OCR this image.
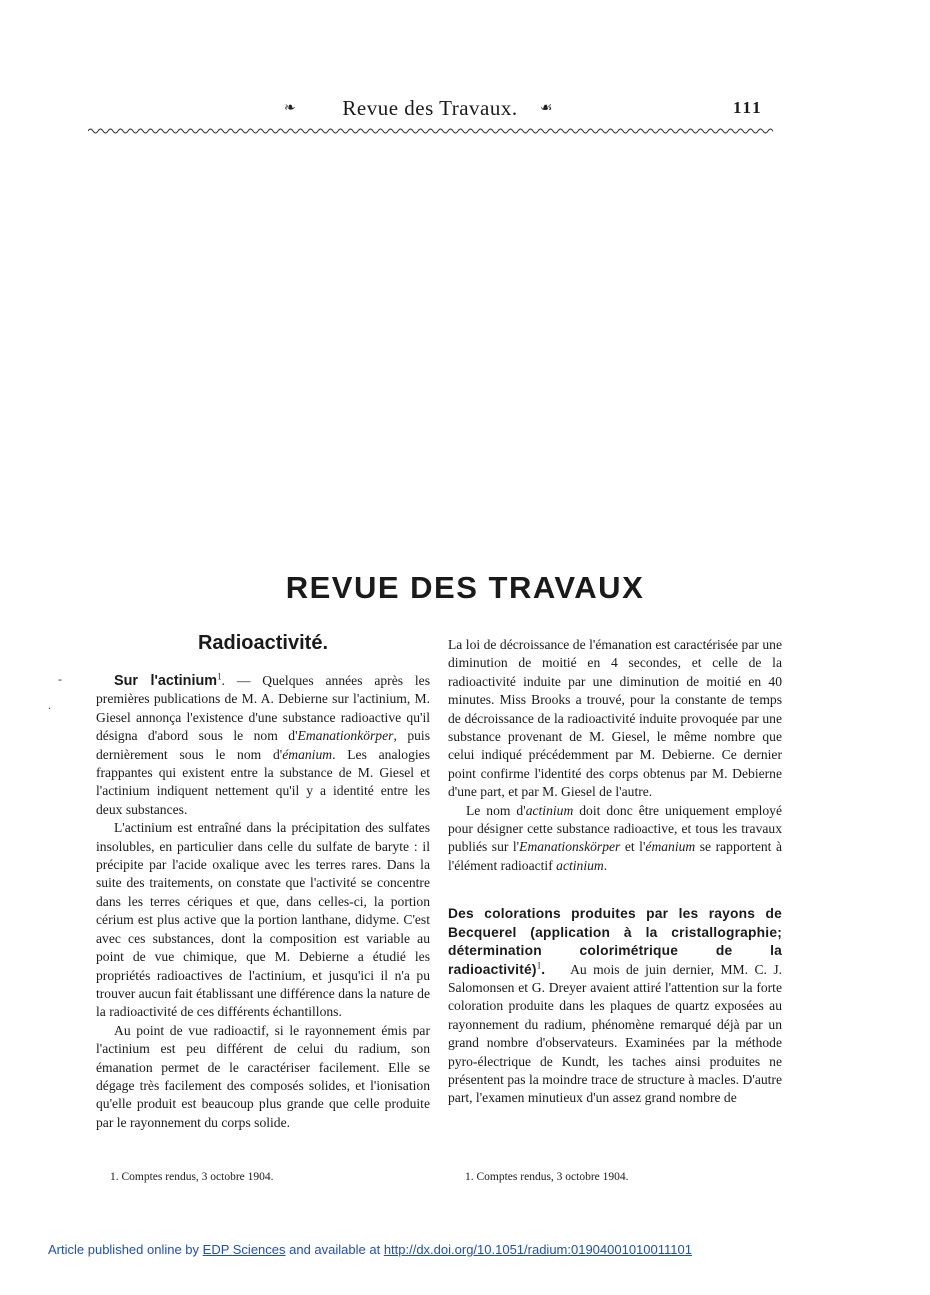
❧	Revue des Travaux.	☙	111
REVUE DES TRAVAUX
Radioactivité.
-
.

Sur l'actinium$^1$. — Quelques années après les premières publications de M. A. Debierne sur l'actinium, M. Giesel annonça l'existence d'une substance radioactive qu'il désigna d'abord sous le nom d'Emanationkörper, puis dernièrement sous le nom d'émanium. Les analogies frappantes qui existent entre la substance de M. Giesel et l'actinium indiquent nettement qu'il y a identité entre les deux substances.

L'actinium est entraîné dans la précipitation des sulfates insolubles, en particulier dans celle du sulfate de baryte : il précipite par l'acide oxalique avec les terres rares. Dans la suite des traitements, on constate que l'activité se concentre dans les terres cériques et que, dans celles-ci, la portion cérium est plus active que la portion lanthane, didyme. C'est avec ces substances, dont la composition est variable au point de vue chimique, que M. Debierne a étudié les propriétés radioactives de l'actinium, et jusqu'ici il n'a pu trouver aucun fait établissant une différence dans la nature de la radioactivité de ces différents échantillons.

Au point de vue radioactif, si le rayonnement émis par l'actinium est peu différent de celui du radium, son émanation permet de le caractériser facilement. Elle se dégage très facilement des composés solides, et l'ionisation qu'elle produit est beaucoup plus grande que celle produite par le rayonnement du corps solide.

La loi de décroissance de l'émanation est caractérisée par une diminution de moitié en 4 secondes, et celle de la radioactivité induite par une diminution de moitié en 40 minutes. Miss Brooks a trouvé, pour la constante de temps de décroissance de la radioactivité induite provoquée par une substance provenant de M. Giesel, le même nombre que celui indiqué précédemment par M. Debierne. Ce dernier point confirme l'identité des corps obtenus par M. Debierne d'une part, et par M. Giesel de l'autre.

Le nom d'actinium doit donc être uniquement employé pour désigner cette substance radioactive, et tous les travaux publiés sur l'Emanationskörper et l'émanium se rapportent à l'élément radioactif actinium.

Des colorations produites par les rayons de Becquerel (application à la cristallographie; détermination colorimétrique de la radioactivité)$^1$. Au mois de juin dernier, MM. C. J. Salomonsen et G. Dreyer avaient attiré l'attention sur la forte coloration produite dans les plaques de quartz exposées au rayonnement du radium, phénomène remarqué déjà par un grand nombre d'observateurs. Examinées par la méthode pyro-électrique de Kundt, les taches ainsi produites ne présentent pas la moindre trace de structure à macles. D'autre part, l'examen minutieux d'un assez grand nombre de

1. Comptes rendus, 3 octobre 1904.	1. Comptes rendus, 3 octobre 1904.
Article published online by EDP Sciences and available at http://dx.doi.org/10.1051/radium:01904001010011101
